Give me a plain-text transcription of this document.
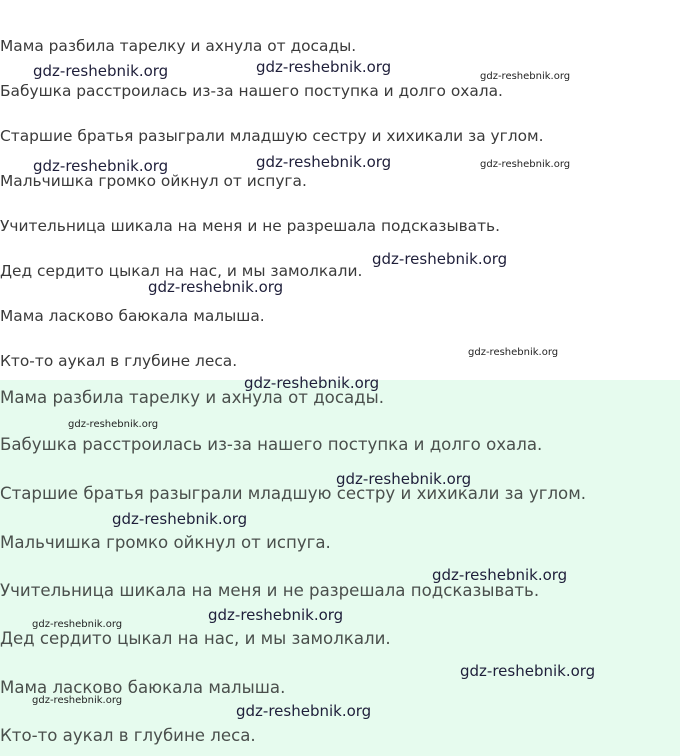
Мама разбила тарелку и ахнула от досады.

Бабушка расстроилась из-за нашего поступка и долго охала.

Старшие братья разыграли младшую сестру и хихикали за углом.

Мальчишка громко ойкнул от испуга.

Учительница шикала на меня и не разрешала подсказывать.

Дед сердито цыкал на нас, и мы замолкали.

Мама ласково баюкала малыша.

Кто-то аукал в глубине леса.

Мама разбила тарелку и ахнула от досады.

Бабушка расстроилась из-за нашего поступка и долго охала.

Старшие братья разыграли младшую сестру и хихикали за углом.

Мальчишка громко ойкнул от испуга.

Учительница шикала на меня и не разрешала подсказывать.

Дед сердито цыкал на нас, и мы замолкали.

Мама ласково баюкала малыша.

Кто-то аукал в глубине леса.

gdz-reshebnik.org	gdz-reshebnik.org
gdz-reshebnik.org
gdz-reshebnik.org	gdz-reshebnik.org	gdz-reshebnik.org
gdz-reshebnik.org
gdz-reshebnik.org
gdz-reshebnik.org
gdz-reshebnik.org
gdz-reshebnik.org
gdz-reshebnik.org
gdz-reshebnik.org
gdz-reshebnik.org
gdz-reshebnik.org
gdz-reshebnik.org
gdz-reshebnik.org
gdz-reshebnik.org
gdz-reshebnik.org
